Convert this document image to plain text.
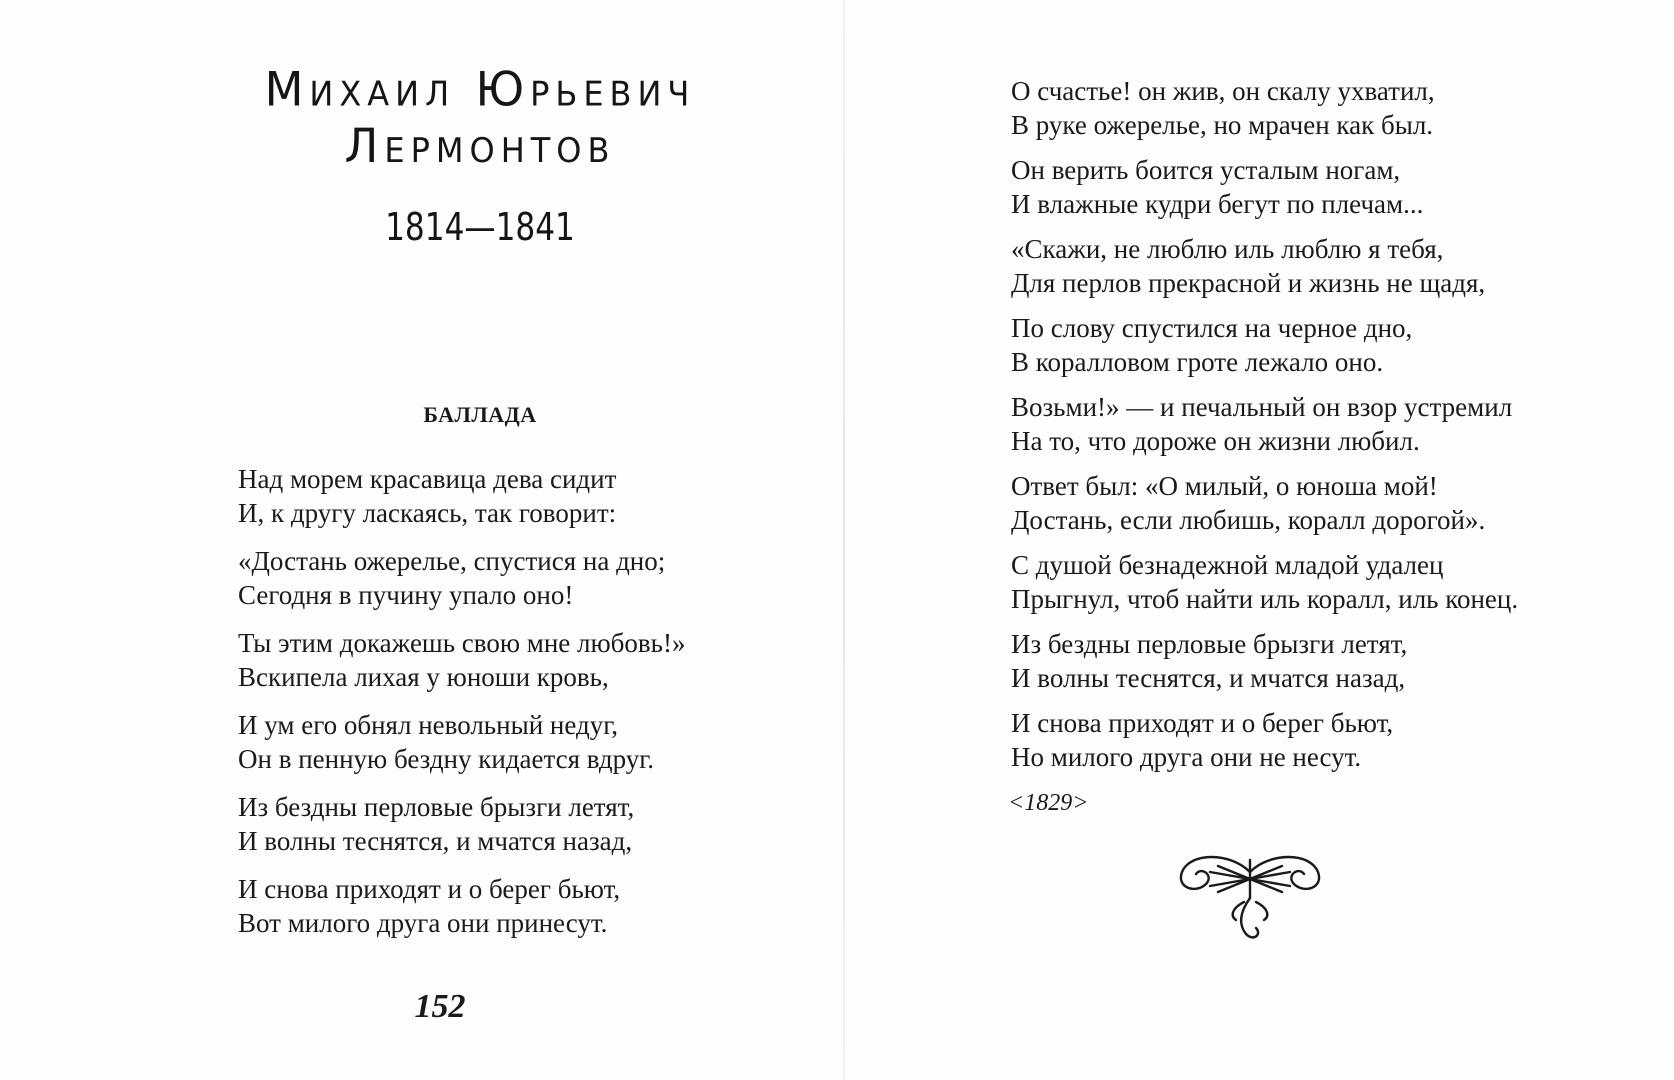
Михаил Юрьевич
Лермонтов
1814—1841
БАЛЛАДА
Над морем красавица дева сидит
И, к другу ласкаясь, так говорит:
«Достань ожерелье, спустися на дно;
Сегодня в пучину упало оно!
Ты этим докажешь свою мне любовь!»
Вскипела лихая у юноши кровь,
И ум его обнял невольный недуг,
Он в пенную бездну кидается вдруг.
Из бездны перловые брызги летят,
И волны теснятся, и мчатся назад,
И снова приходят и о берег бьют,
Вот милого друга они принесут.
152
О счастье! он жив, он скалу ухватил,
В руке ожерелье, но мрачен как был.
Он верить боится усталым ногам,
И влажные кудри бегут по плечам...
«Скажи, не люблю иль люблю я тебя,
Для перлов прекрасной и жизнь не щадя,
По слову спустился на черное дно,
В коралловом гроте лежало оно.
Возьми!» — и печальный он взор устремил
На то, что дороже он жизни любил.
Ответ был: «О милый, о юноша мой!
Достань, если любишь, коралл дорогой».
С душой безнадежной младой удалец
Прыгнул, чтоб найти иль коралл, иль конец.
Из бездны перловые брызги летят,
И волны теснятся, и мчатся назад,
И снова приходят и о берег бьют,
Но милого друга они не несут.
<1829>
